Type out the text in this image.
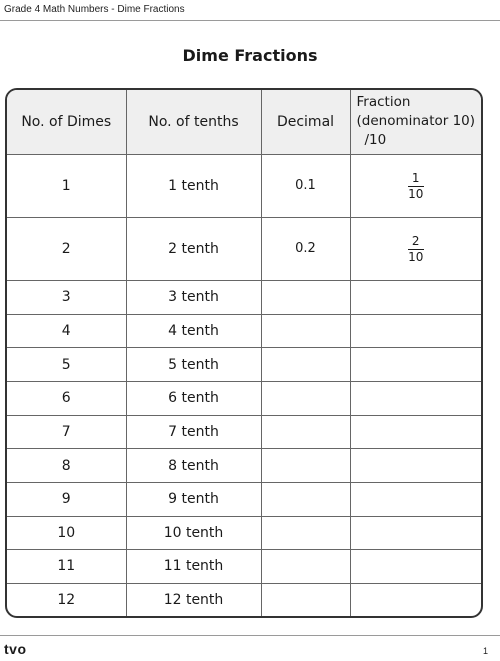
Grade 4 Math Numbers - Dime Fractions
Dime Fractions
No. of Dimes	No. of tenths	Decimal	Fraction
(denominator 10)
/10

1	1 tenth	0.1	$\frac{1}{10}$

2	2 tenth	0.2	$\frac{2}{10}$

3	3 tenth		
4	4 tenth		
5	5 tenth		
6	6 tenth		
7	7 tenth		
8	8 tenth		
9	9 tenth		
10	10 tenth		
11	11 tenth		
12	12 tenth		
tvo	1
